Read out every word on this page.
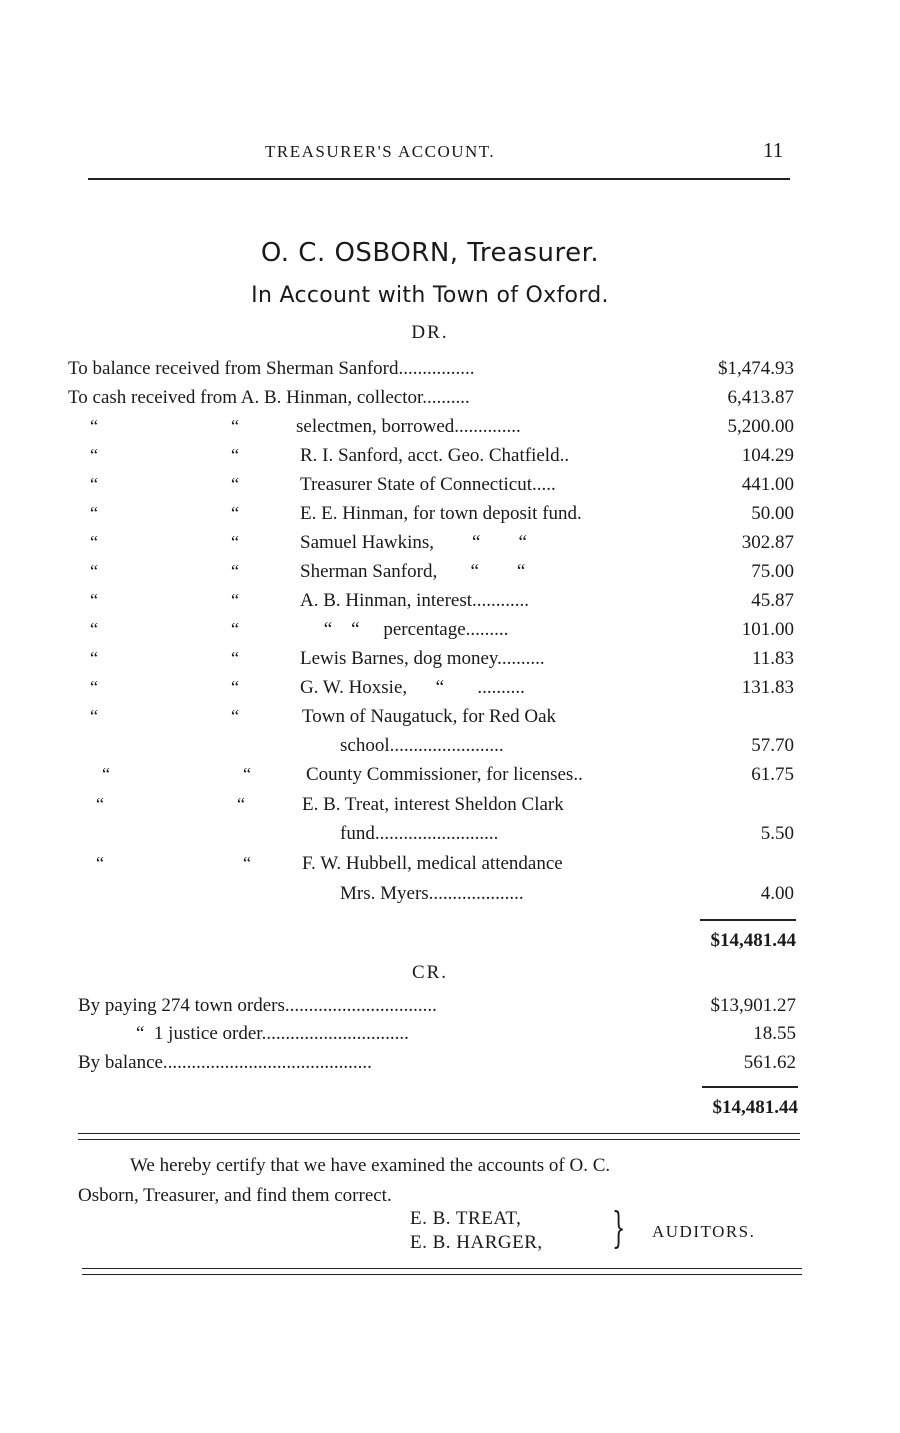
TREASURER'S ACCOUNT.	11
O. C. OSBORN, Treasurer.
In Account with Town of Oxford.
DR.
To balance received from Sherman Sanford................	$1,474.93
To cash received from A. B. Hinman, collector..........	6,413.87
“	“	selectmen, borrowed..............	5,200.00
“	“	R. I. Sanford, acct. Geo. Chatfield..	104.29
“	“	Treasurer State of Connecticut.....	441.00
“	“	E. E. Hinman, for town deposit fund.	50.00
“	“	Samuel Hawkins,        “        “	302.87
“	“	Sherman Sanford,       “        “	75.00
“	“	A. B. Hinman, interest............	45.87
“	“	“    “     percentage.........	101.00
“	“	Lewis Barnes, dog money..........	11.83
“	“	G. W. Hoxsie,      “       ..........	131.83
“	“	Town of Naugatuck, for Red Oak
school........................	57.70
“	“	County Commissioner, for licenses..	61.75
“	“	E. B. Treat, interest Sheldon Clark
fund..........................	5.50
“	“	F. W. Hubbell, medical attendance
Mrs. Myers....................	4.00
$14,481.44
CR.
By paying 274 town orders................................	$13,901.27
“  1 justice order...............................	18.55
By balance............................................	561.62
$14,481.44
We hereby certify that we have examined the accounts of O. C.
Osborn, Treasurer, and find them correct.
E. B. TREAT,
E. B. HARGER, } AUDITORS.
